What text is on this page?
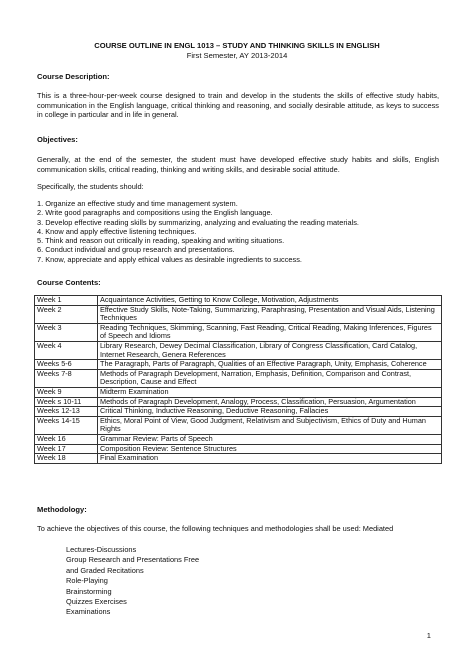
COURSE OUTLINE IN ENGL 1013 – STUDY AND THINKING SKILLS IN ENGLISH
First Semester, AY 2013-2014
Course Description:
This is a three-hour-per-week course designed to train and develop in the students the skills of effective study habits, communication in the English language, critical thinking and reasoning, and socially desirable attitude, as keys to success in college in particular and in life in general.
Objectives:
Generally, at the end of the semester, the student must have developed effective study habits and skills, English communication skills, critical reading, thinking and writing skills, and desirable social attitude.
Specifically, the students should:
1. Organize an effective study and time management system.
2. Write good paragraphs and compositions using the English language.
3. Develop effective reading skills by summarizing, analyzing and evaluating the reading materials.
4. Know and apply effective listening techniques.
5. Think and reason out critically in reading, speaking and writing situations.
6. Conduct individual and group research and presentations.
7. Know, appreciate and apply ethical values as desirable ingredients to success.
Course Contents:
Week 1	Acquaintance Activities, Getting to Know College, Motivation, Adjustments
Week 2	Effective Study Skills, Note-Taking, Summarizing, Paraphrasing, Presentation and Visual Aids, Listening Techniques
Week 3	Reading Techniques, Skimming, Scanning, Fast Reading, Critical Reading, Making Inferences, Figures of Speech and Idioms
Week 4	Library Research, Dewey Decimal Classification, Library of Congress Classification, Card Catalog, Internet Research, Genera References
Weeks 5-6	The Paragraph, Parts of Paragraph, Qualities of an Effective Paragraph, Unity, Emphasis, Coherence
Weeks 7-8	Methods of Paragraph Development, Narration, Emphasis, Definition, Comparison and Contrast, Description, Cause and Effect
Week 9	Midterm Examination
Week s 10-11	Methods of Paragraph Development, Analogy, Process, Classification, Persuasion, Argumentation
Weeks 12-13	Critical Thinking, Inductive Reasoning, Deductive Reasoning, Fallacies
Weeks 14-15	Ethics, Moral Point of View, Good Judgment, Relativism and Subjectivism, Ethics of Duty and Human Rights
Week 16	Grammar Review: Parts of Speech
Week 17	Composition Review: Sentence Structures
Week 18	Final Examination
Methodology:
To achieve the objectives of this course, the following techniques and methodologies shall be used: Mediated
Lectures-Discussions
Group Research and Presentations Free
and Graded Recitations
Role-Playing
Brainstorming
Quizzes Exercises
Examinations
1
